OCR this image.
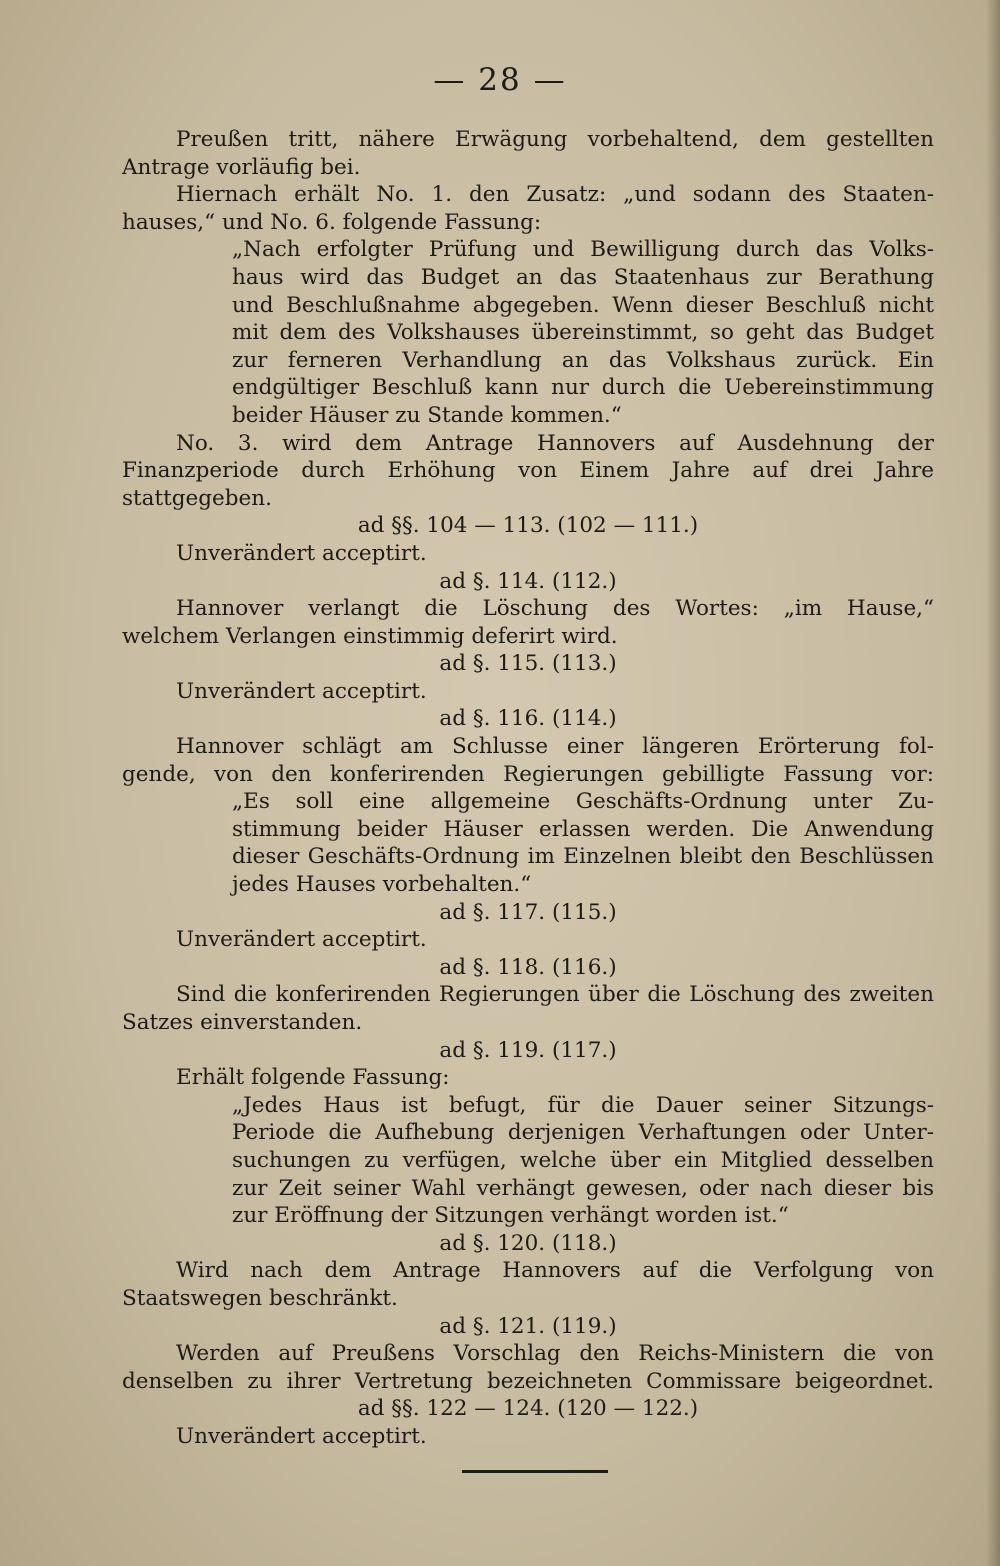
— 28 —
Preußen tritt, nähere Erwägung vorbehaltend, dem gestellten
Antrage vorläufig bei.
Hiernach erhält No. 1. den Zusatz: „und sodann des Staaten-
hauses,“ und No. 6. folgende Fassung:
„Nach erfolgter Prüfung und Bewilligung durch das Volks-
haus wird das Budget an das Staatenhaus zur Berathung
und Beschlußnahme abgegeben. Wenn dieser Beschluß nicht
mit dem des Volkshauses übereinstimmt, so geht das Budget
zur ferneren Verhandlung an das Volkshaus zurück. Ein
endgültiger Beschluß kann nur durch die Uebereinstimmung
beider Häuser zu Stande kommen.“
No. 3. wird dem Antrage Hannovers auf Ausdehnung der
Finanzperiode durch Erhöhung von Einem Jahre auf drei Jahre
stattgegeben.
ad §§. 104 — 113. (102 — 111.)
Unverändert acceptirt.
ad §. 114. (112.)
Hannover verlangt die Löschung des Wortes: „im Hause,“
welchem Verlangen einstimmig deferirt wird.
ad §. 115. (113.)
Unverändert acceptirt.
ad §. 116. (114.)
Hannover schlägt am Schlusse einer längeren Erörterung fol-
gende, von den konferirenden Regierungen gebilligte Fassung vor:
„Es soll eine allgemeine Geschäfts-Ordnung unter Zu-
stimmung beider Häuser erlassen werden. Die Anwendung
dieser Geschäfts-Ordnung im Einzelnen bleibt den Beschlüssen
jedes Hauses vorbehalten.“
ad §. 117. (115.)
Unverändert acceptirt.
ad §. 118. (116.)
Sind die konferirenden Regierungen über die Löschung des zweiten
Satzes einverstanden.
ad §. 119. (117.)
Erhält folgende Fassung:
„Jedes Haus ist befugt, für die Dauer seiner Sitzungs-
Periode die Aufhebung derjenigen Verhaftungen oder Unter-
suchungen zu verfügen, welche über ein Mitglied desselben
zur Zeit seiner Wahl verhängt gewesen, oder nach dieser bis
zur Eröffnung der Sitzungen verhängt worden ist.“
ad §. 120. (118.)
Wird nach dem Antrage Hannovers auf die Verfolgung von
Staatswegen beschränkt.
ad §. 121. (119.)
Werden auf Preußens Vorschlag den Reichs-Ministern die von
denselben zu ihrer Vertretung bezeichneten Commissare beigeordnet.
ad §§. 122 — 124. (120 — 122.)
Unverändert acceptirt.
